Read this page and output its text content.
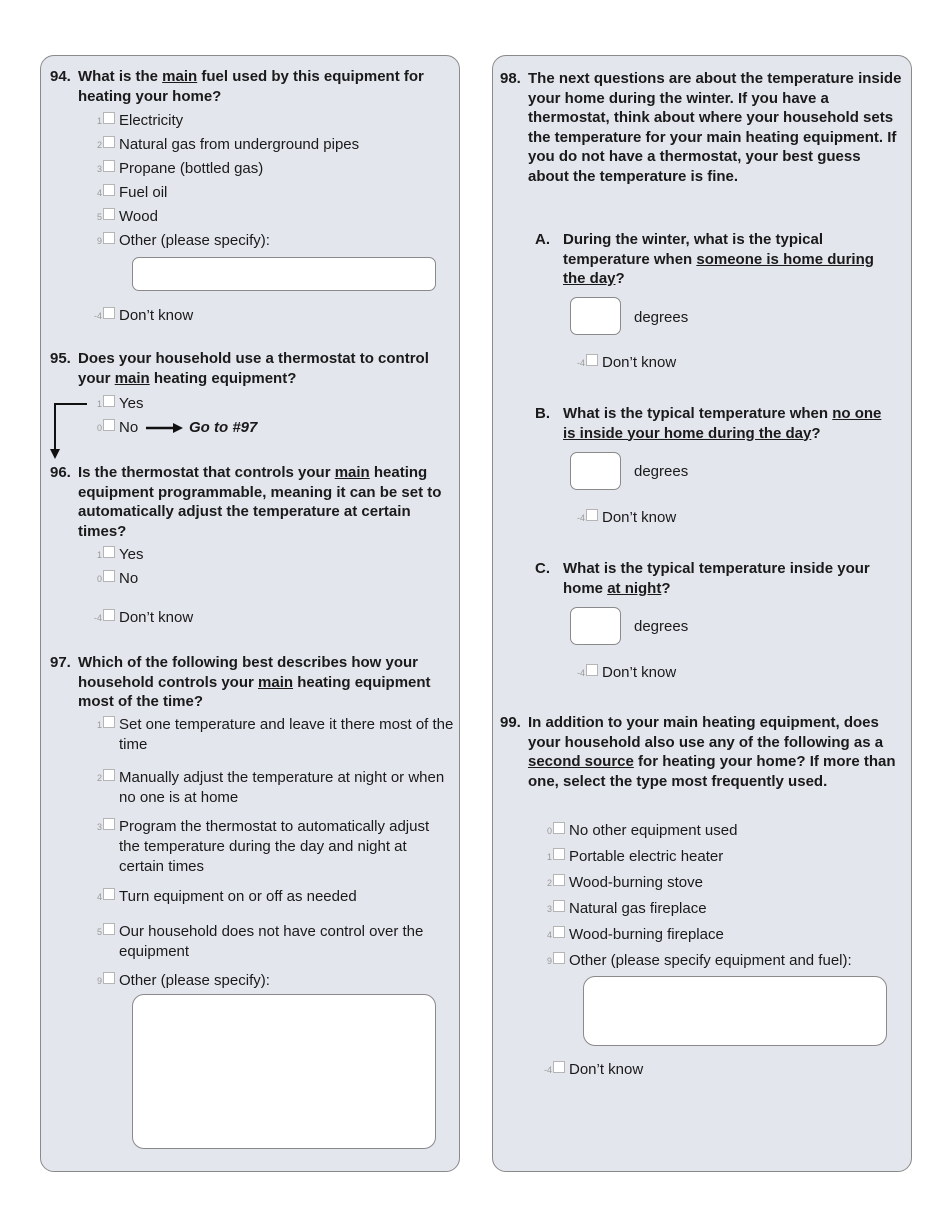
94. What is the main fuel used by this equipment for heating your home?
1 Electricity
2 Natural gas from underground pipes
3 Propane (bottled gas)
4 Fuel oil
5 Wood
9 Other (please specify):
-4 Don’t know
95. Does your household use a thermostat to control your main heating equipment?
1 Yes
0 No	Go to #97
96. Is the thermostat that controls your main heating equipment programmable, meaning it can be set to automatically adjust the temperature at certain times?
1 Yes
0 No
-4 Don’t know
97. Which of the following best describes how your household controls your main heating equipment most of the time?
1 Set one temperature and leave it there most of the time
2 Manually adjust the temperature at night or when no one is at home
3 Program the thermostat to automatically adjust the temperature during the day and night at certain times
4 Turn equipment on or off as needed
5 Our household does not have control over the equipment
9 Other (please specify):
98. The next questions are about the temperature inside your home during the winter. If you have a thermostat, think about where your household sets the temperature for your main heating equipment. If you do not have a thermostat, your best guess about the temperature is fine.
A. During the winter, what is the typical temperature when someone is home during the day?
degrees
-4 Don’t know
B. What is the typical temperature when no one is inside your home during the day?
degrees
-4 Don’t know
C. What is the typical temperature inside your home at night?
degrees
-4 Don’t know
99. In addition to your main heating equipment, does your household also use any of the following as a second source for heating your home? If more than one, select the type most frequently used.
0 No other equipment used
1 Portable electric heater
2 Wood-burning stove
3 Natural gas fireplace
4 Wood-burning fireplace
9 Other (please specify equipment and fuel):
-4 Don’t know
